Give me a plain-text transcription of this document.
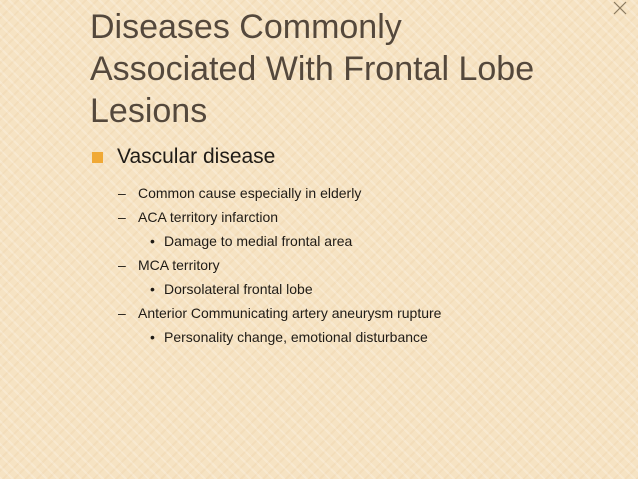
Diseases Commonly
Associated With Frontal Lobe
Lesions
Vascular disease
– Common cause especially in elderly
– ACA territory infarction
• Damage to medial frontal area
– MCA territory
• Dorsolateral frontal lobe
– Anterior Communicating artery aneurysm rupture
• Personality change, emotional disturbance
